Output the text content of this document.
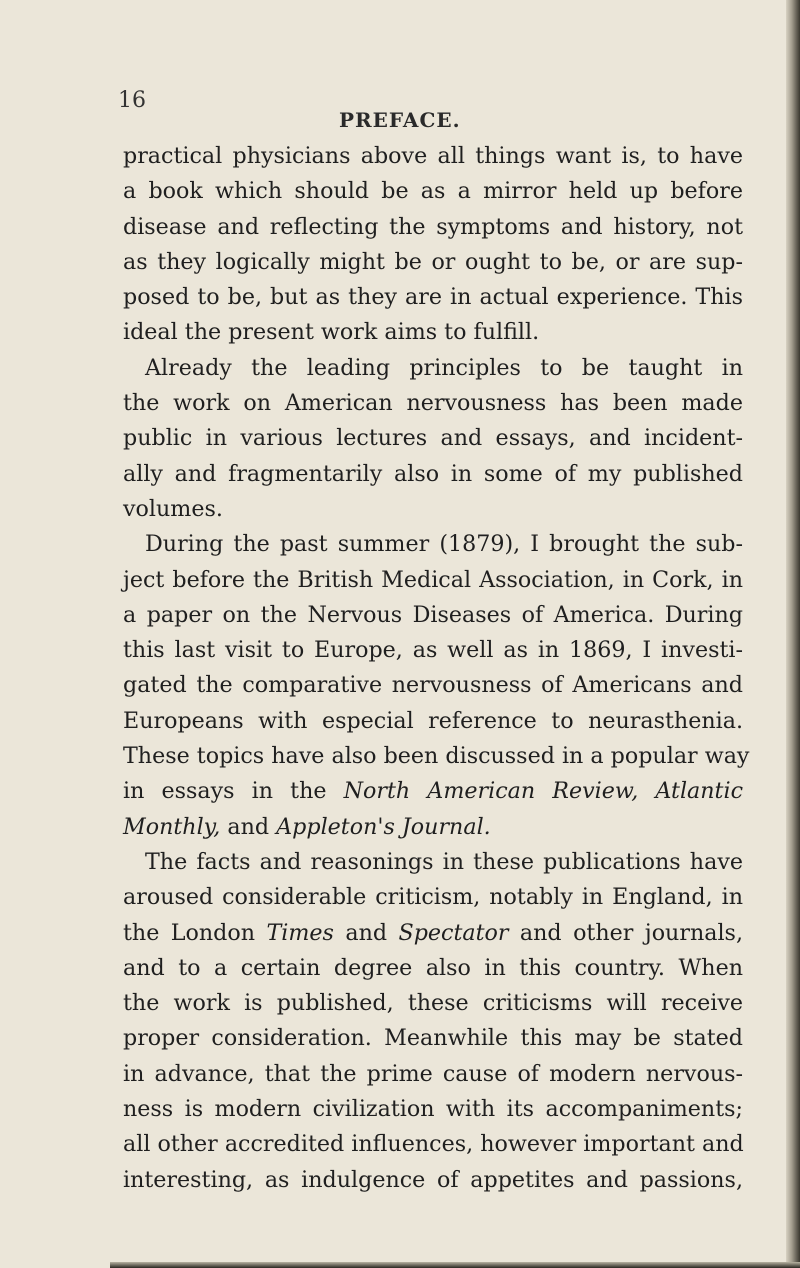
16
PREFACE.
practical physicians above all things want is, to have
a book which should be as a mirror held up before
disease and reflecting the symptoms and history, not
as they logically might be or ought to be, or are sup-
posed to be, but as they are in actual experience. This
ideal the present work aims to fulfill.
Already the leading principles to be taught in
the work on American nervousness has been made
public in various lectures and essays, and incident-
ally and fragmentarily also in some of my published
volumes.
During the past summer (1879), I brought the sub-
ject before the British Medical Association, in Cork, in
a paper on the Nervous Diseases of America. During
this last visit to Europe, as well as in 1869, I investi-
gated the comparative nervousness of Americans and
Europeans with especial reference to neurasthenia.
These topics have also been discussed in a popular way
in essays in the North American Review, Atlantic
Monthly, and Appleton's Journal.
The facts and reasonings in these publications have
aroused considerable criticism, notably in England, in
the London Times and Spectator and other journals,
and to a certain degree also in this country. When
the work is published, these criticisms will receive
proper consideration. Meanwhile this may be stated
in advance, that the prime cause of modern nervous-
ness is modern civilization with its accompaniments;
all other accredited influences, however important and
interesting, as indulgence of appetites and passions,
